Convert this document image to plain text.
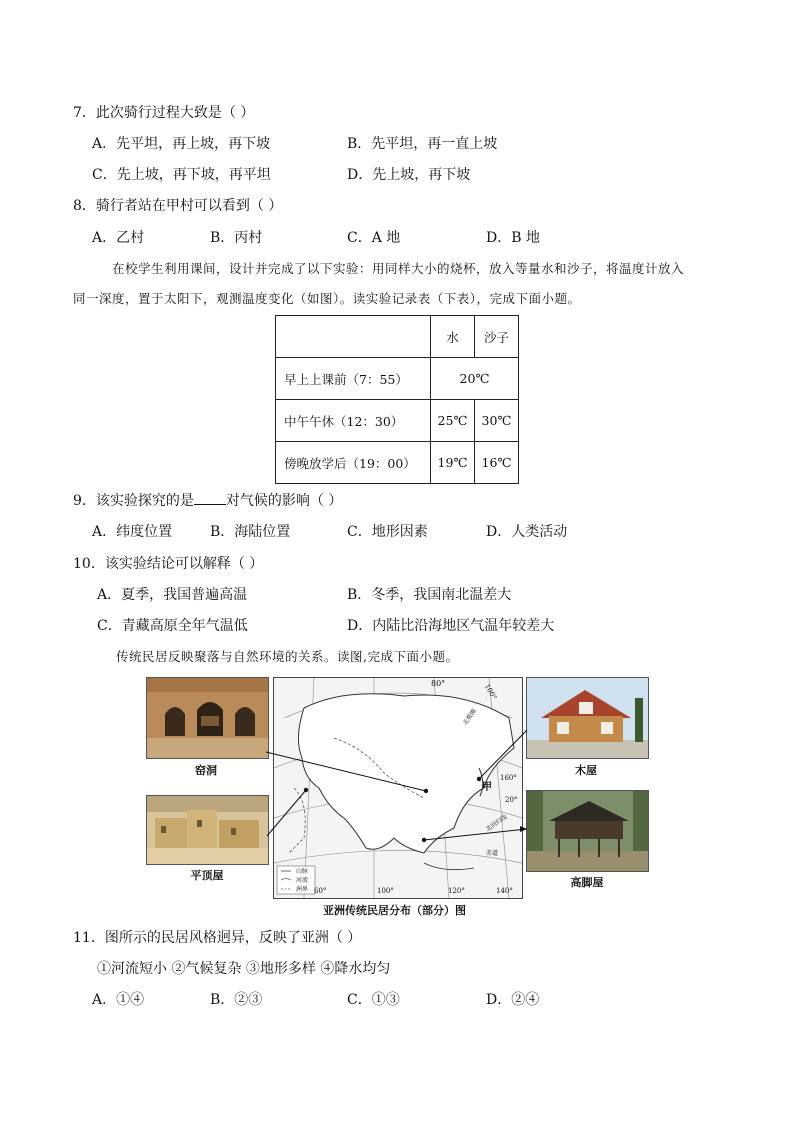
7．此次骑行过程大致是（ ）
A．先平坦，再上坡，再下坡	B．先平坦，再一直上坡
C．先上坡，再下坡，再平坦	D．先上坡，再下坡
8．骑行者站在甲村可以看到（ ）
A．乙村	B．丙村	C．A 地	D．B 地
在校学生利用课间，设计并完成了以下实验：用同样大小的烧杯，放入等量水和沙子，将温度计放入
同一深度，置于太阳下，观测温度变化（如图）。读实验记录表（下表），完成下面小题。
	水	沙子
早上上课前（7：55）	20℃	
中午午休（12：30）	25℃	30℃
傍晚放学后（19：00）	19℃	16℃
9．该实验探究的是 对气候的影响（ ）
A．纬度位置	B．海陆位置	C．地形因素	D．人类活动
10．该实验结论可以解释（ ）
A．夏季，我国普遍高温	B．冬季，我国南北温差大
C．青藏高原全年气温低	D．内陆比沿海地区气温年较差大
传统民居反映聚落与自然环境的关系。读图,完成下面小题。
窑洞
平顶屋
木屋
高脚屋
80°	100°
160°
20°
甲
北极圈
北回归线
赤道
60°	100°	120°	140°
山脉
河流
洲界
亚洲传统民居分布（部分）图
11．图所示的民居风格迥异，反映了亚洲（ ）
①河流短小 ②气候复杂 ③地形多样 ④降水均匀
A．①④	B．②③	C．①③	D．②④
